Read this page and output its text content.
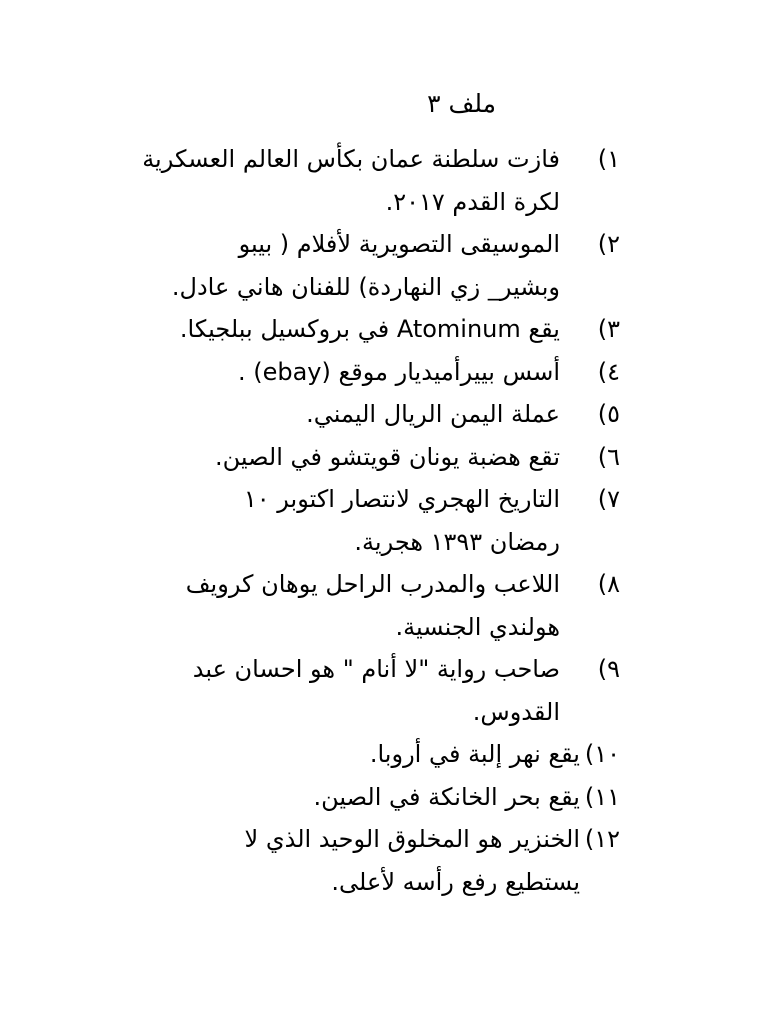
ملف ٣
١)
فازت سلطنة عمان بكأس العالم العسكرية
لكرة القدم ٢٠١٧.
٢)
الموسيقى التصويرية لأفلام ( بيبو
وبشير_ زي النهاردة) للفنان هاني عادل.
٣)
يقع Atominum في بروكسيل ببلجيكا.
٤)
أسس بييرأميديار موقع (ebay) .
٥)
عملة اليمن الريال اليمني.
٦)
تقع هضبة يونان قويتشو في الصين.
٧)
التاريخ الهجري لانتصار اكتوبر ١٠
رمضان ١٣٩٣ هجرية.
٨)
اللاعب والمدرب الراحل يوهان كرويف
هولندي الجنسية.
٩)
صاحب رواية "لا أنام " هو احسان عبد
القدوس.
١٠)
يقع نهر إلبة في أروبا.
١١)
يقع بحر الخانكة في الصين.
١٢)
الخنزير هو المخلوق الوحيد الذي لا
يستطيع رفع رأسه لأعلى.
